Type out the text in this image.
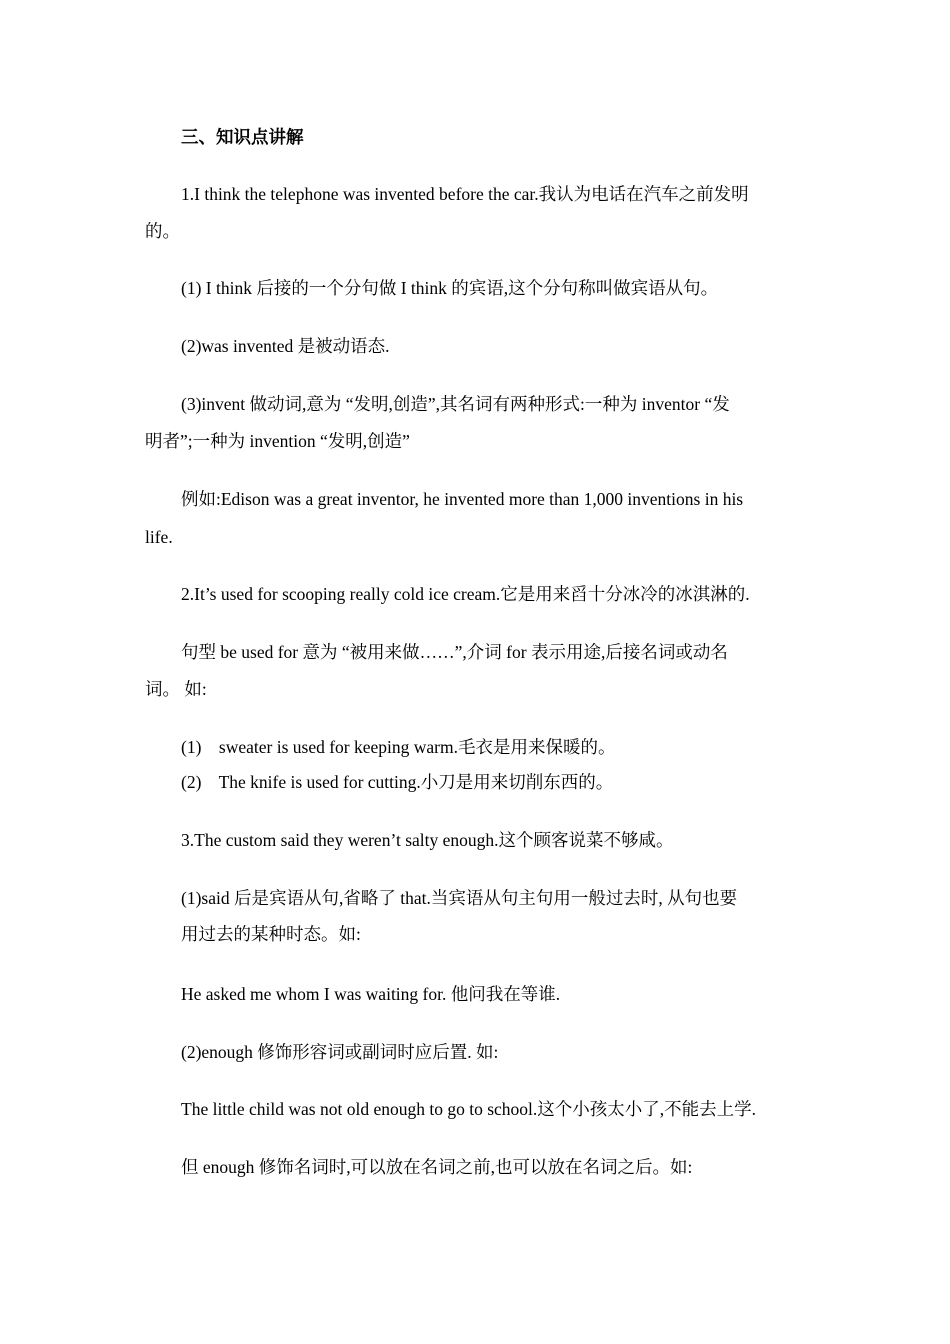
三、知识点讲解
1.I think the telephone was invented before the car.我认为电话在汽车之前发明
的。
(1) I think 后接的一个分句做 I think 的宾语,这个分句称叫做宾语从句。
(2)was invented 是被动语态.
(3)invent 做动词,意为 “发明,创造”,其名词有两种形式:一种为 inventor “发
明者”;一种为 invention “发明,创造”
例如:Edison was a great inventor, he invented more than 1,000 inventions in his
life.
2.It’s used for scooping really cold ice cream.它是用来舀十分冰冷的冰淇淋的.
句型 be used for 意为 “被用来做……”,介词 for 表示用途,后接名词或动名
词。 如:
(1)    sweater is used for keeping warm.毛衣是用来保暖的。
(2)    The knife is used for cutting.小刀是用来切削东西的。
3.The custom said they weren’t salty enough.这个顾客说菜不够咸。
(1)said 后是宾语从句,省略了 that.当宾语从句主句用一般过去时, 从句也要
用过去的某种时态。如:
He asked me whom I was waiting for. 他问我在等谁.
(2)enough 修饰形容词或副词时应后置. 如:
The little child was not old enough to go to school.这个小孩太小了,不能去上学.
但 enough 修饰名词时,可以放在名词之前,也可以放在名词之后。如:
